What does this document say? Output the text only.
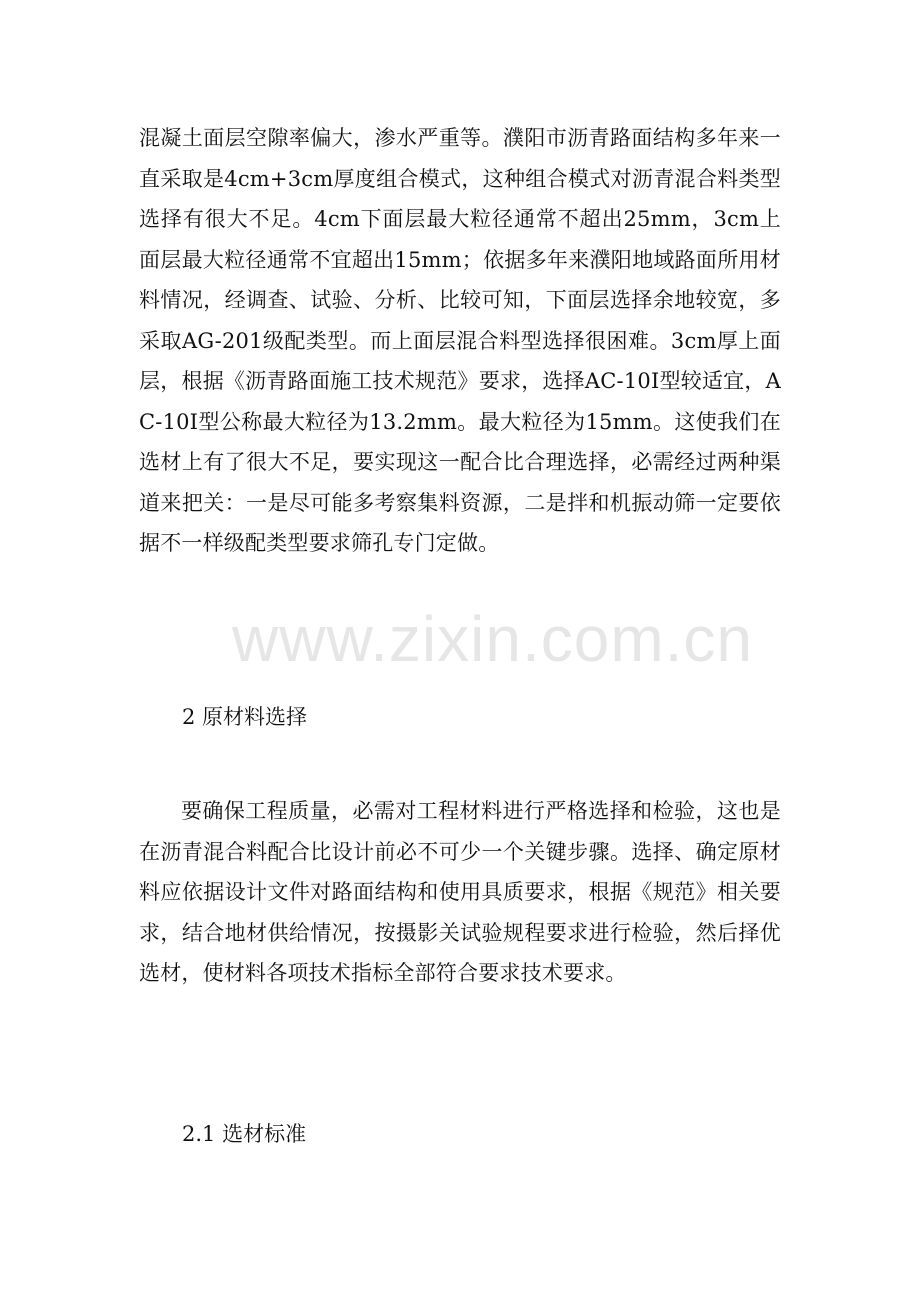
混凝土面层空隙率偏大，渗水严重等。濮阳市沥青路面结构多年来一直采取是4cm+3cm厚度组合模式，这种组合模式对沥青混合料类型选择有很大不足。4cm下面层最大粒径通常不超出25mm，3cm上面层最大粒径通常不宜超出15mm；依据多年来濮阳地域路面所用材料情况，经调查、试验、分析、比较可知，下面层选择余地较宽，多采取AG-201级配类型。而上面层混合料型选择很困难。3cm厚上面层，根据《沥青路面施工技术规范》要求，选择AC-10I型较适宜，AC-10I型公称最大粒径为13.2mm。最大粒径为15mm。这使我们在选材上有了很大不足，要实现这一配合比合理选择，必需经过两种渠道来把关：一是尽可能多考察集料资源，二是拌和机振动筛一定要依据不一样级配类型要求筛孔专门定做。

www.zixin.com.cn

2 原材料选择

要确保工程质量，必需对工程材料进行严格选择和检验，这也是在沥青混合料配合比设计前必不可少一个关键步骤。选择、确定原材料应依据设计文件对路面结构和使用具质要求，根据《规范》相关要求，结合地材供给情况，按摄影关试验规程要求进行检验，然后择优选材，使材料各项技术指标全部符合要求技术要求。

2.1 选材标准
